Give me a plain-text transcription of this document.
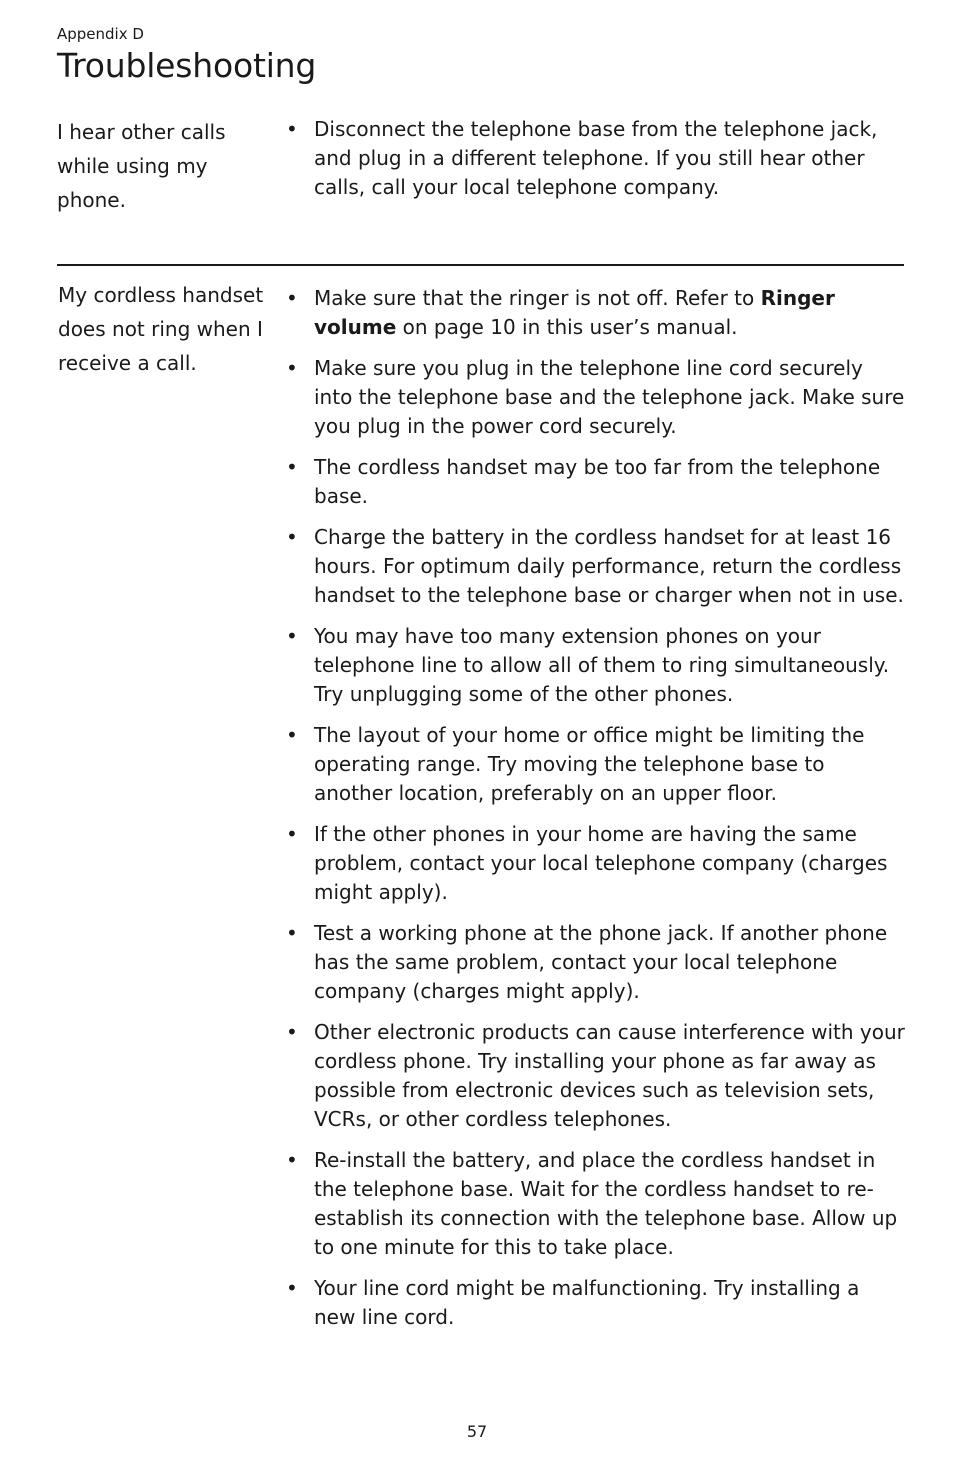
Appendix D
Troubleshooting
I hear other calls while using my phone.
• Disconnect the telephone base from the telephone jack, and plug in a different telephone. If you still hear other calls, call your local telephone company.
My cordless handset does not ring when I receive a call.
• Make sure that the ringer is not off. Refer to Ringer volume on page 10 in this user’s manual.
• Make sure you plug in the telephone line cord securely into the telephone base and the telephone jack. Make sure you plug in the power cord securely.
• The cordless handset may be too far from the telephone base.
• Charge the battery in the cordless handset for at least 16 hours. For optimum daily performance, return the cordless handset to the telephone base or charger when not in use.
• You may have too many extension phones on your telephone line to allow all of them to ring simultaneously. Try unplugging some of the other phones.
• The layout of your home or office might be limiting the operating range. Try moving the telephone base to another location, preferably on an upper floor.
• If the other phones in your home are having the same problem, contact your local telephone company (charges might apply).
• Test a working phone at the phone jack. If another phone has the same problem, contact your local telephone company (charges might apply).
• Other electronic products can cause interference with your cordless phone. Try installing your phone as far away as possible from electronic devices such as television sets, VCRs, or other cordless telephones.
• Re-install the battery, and place the cordless handset in the telephone base. Wait for the cordless handset to re-establish its connection with the telephone base. Allow up to one minute for this to take place.
• Your line cord might be malfunctioning. Try installing a new line cord.
57
